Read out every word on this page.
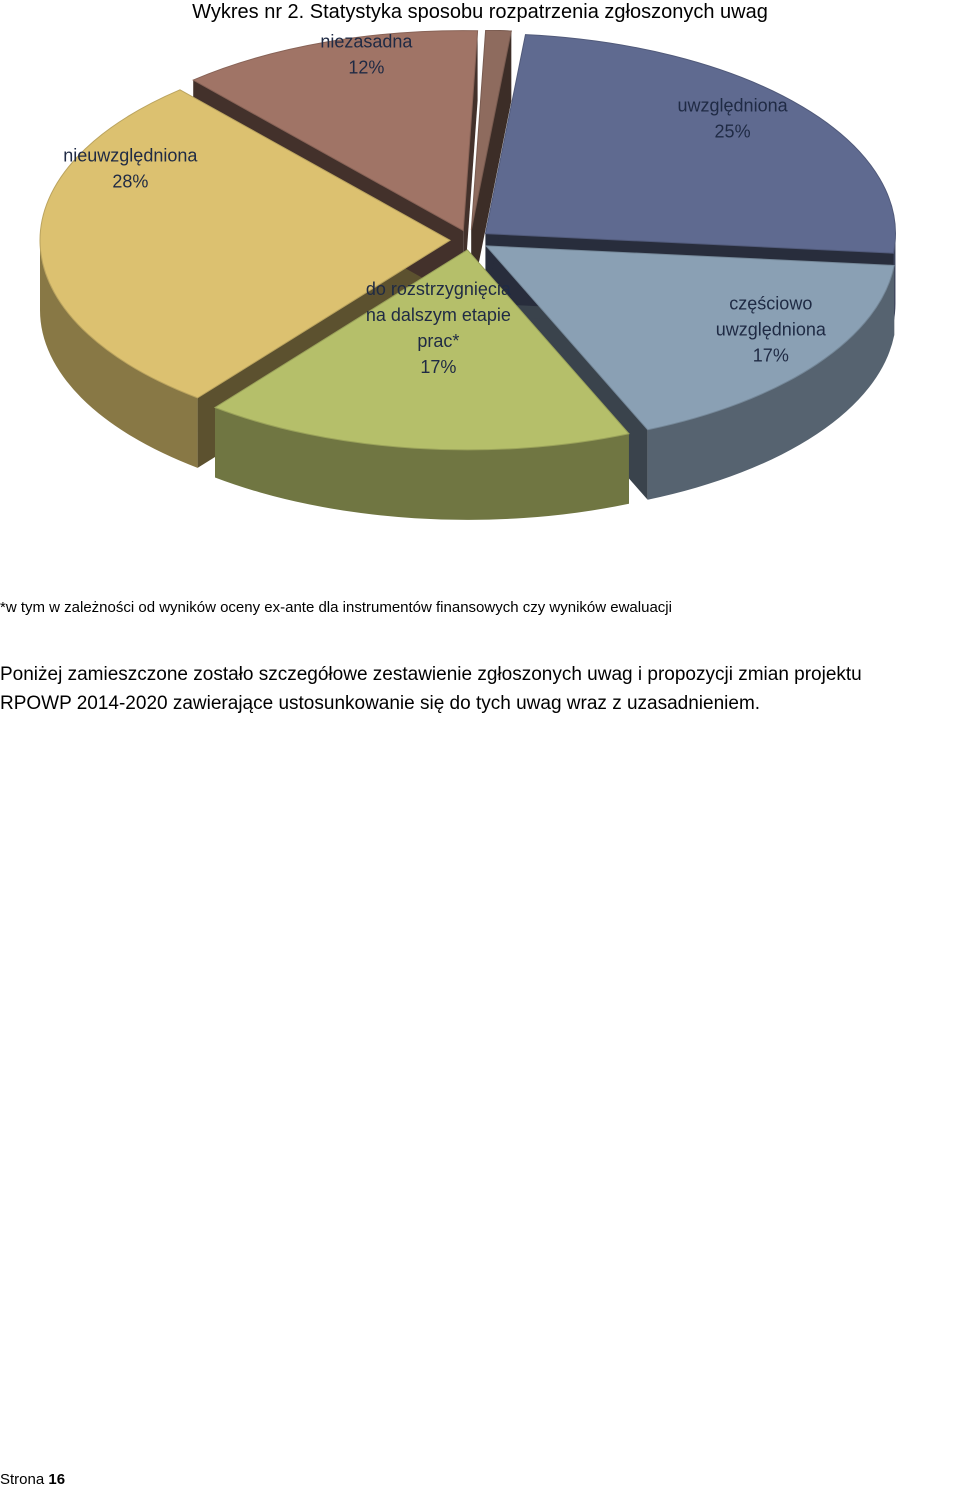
Wykres nr 2. Statystyka sposobu rozpatrzenia zgłoszonych uwag
uwzględniona 25%
częściowo uwzględniona 17%
do rozstrzygnięcia na dalszym etapie prac* 17%
nieuwzględniona 28%
niezasadna 12%

*w tym w zależności od wyników oceny ex-ante dla instrumentów finansowych czy wyników ewaluacji

Poniżej zamieszczone zostało szczegółowe zestawienie zgłoszonych uwag i propozycji zmian projektu
RPOWP 2014-2020 zawierające ustosunkowanie się do tych uwag wraz z uzasadnieniem.

Strona 16
